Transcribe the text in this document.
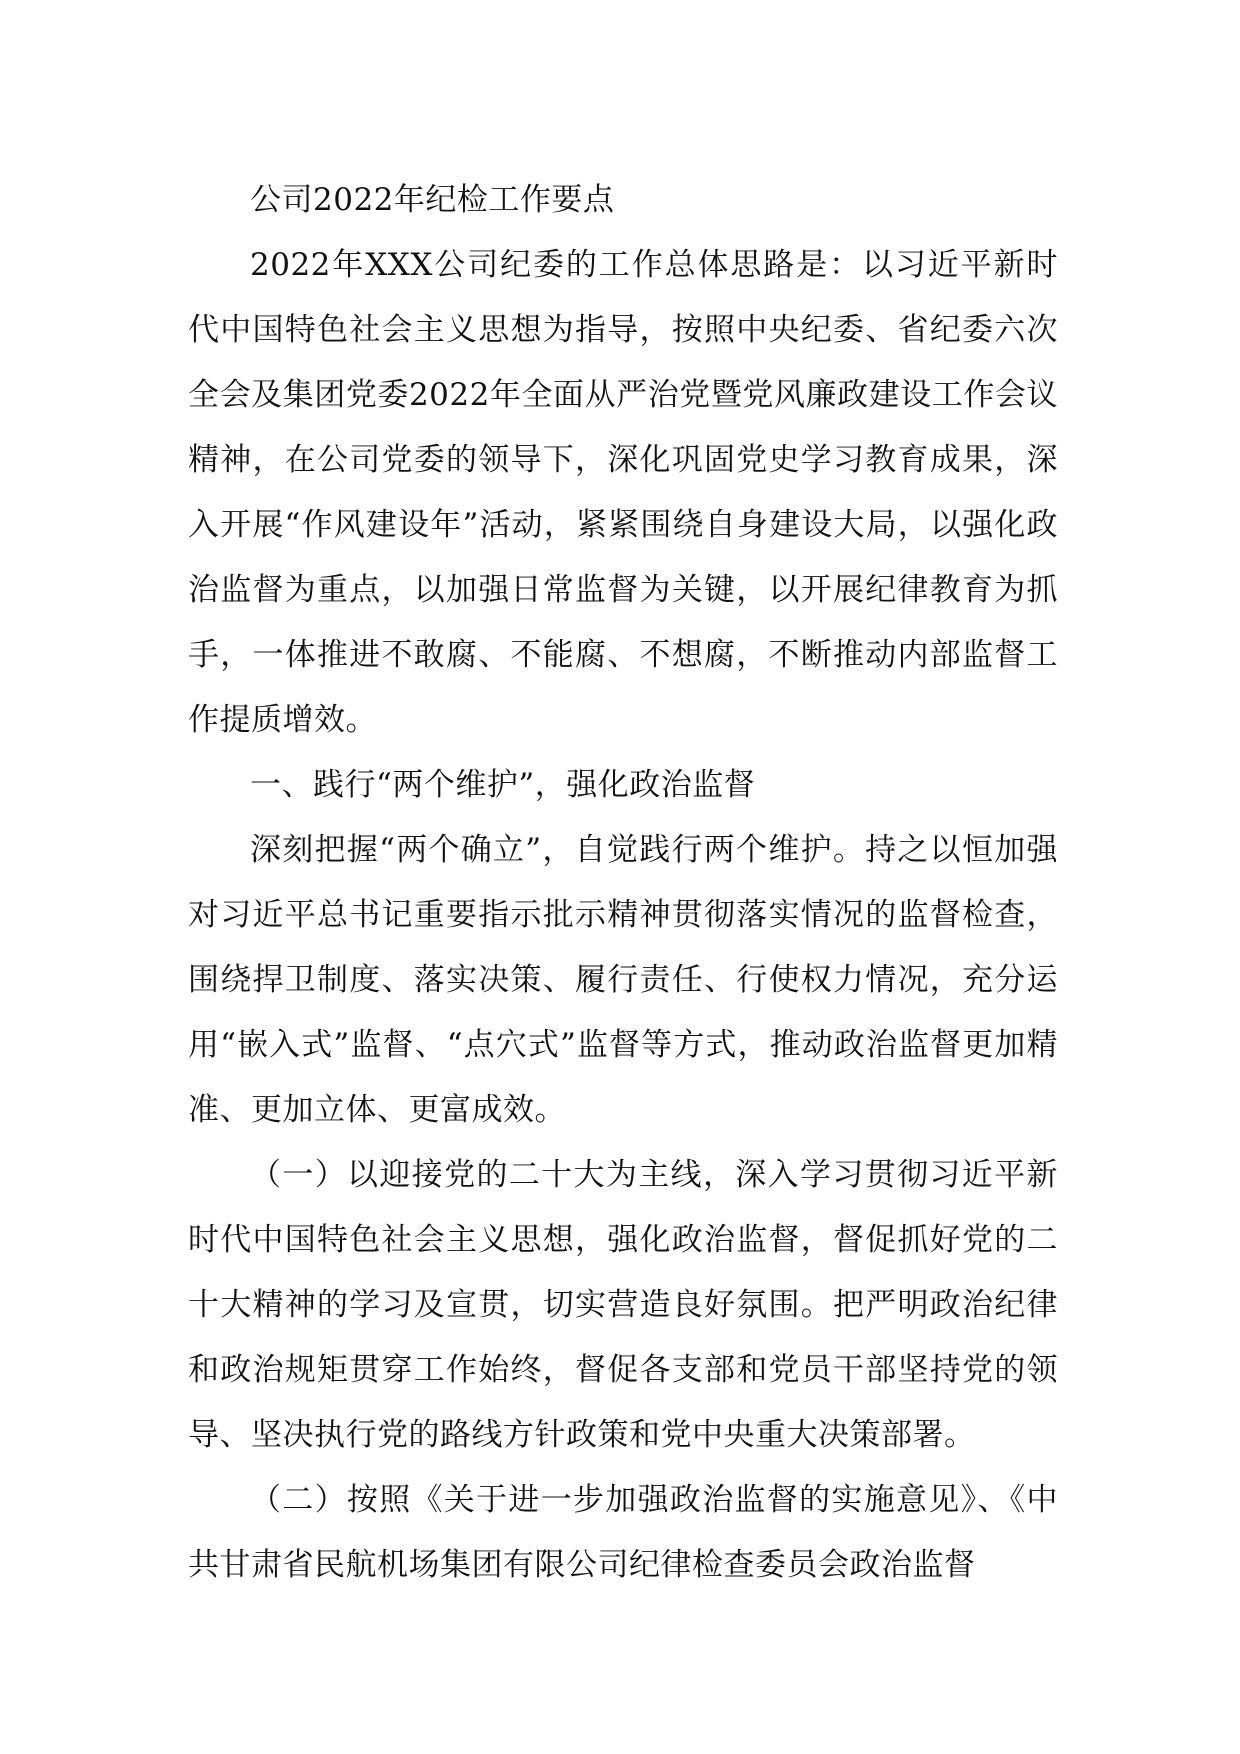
公司2022年纪检工作要点

2022年XXX公司纪委的工作总体思路是：以习近平新时代中国特色社会主义思想为指导，按照中央纪委、省纪委六次全会及集团党委2022年全面从严治党暨党风廉政建设工作会议精神，在公司党委的领导下，深化巩固党史学习教育成果，深入开展“作风建设年”活动，紧紧围绕自身建设大局，以强化政治监督为重点，以加强日常监督为关键，以开展纪律教育为抓手，一体推进不敢腐、不能腐、不想腐，不断推动内部监督工作提质增效。

一、践行“两个维护”，强化政治监督

深刻把握“两个确立”，自觉践行两个维护。持之以恒加强对习近平总书记重要指示批示精神贯彻落实情况的监督检查，围绕捍卫制度、落实决策、履行责任、行使权力情况，充分运用“嵌入式”监督、“点穴式”监督等方式，推动政治监督更加精准、更加立体、更富成效。

（一）以迎接党的二十大为主线，深入学习贯彻习近平新时代中国特色社会主义思想，强化政治监督，督促抓好党的二十大精神的学习及宣贯，切实营造良好氛围。把严明政治纪律和政治规矩贯穿工作始终，督促各支部和党员干部坚持党的领导、坚决执行党的路线方针政策和党中央重大决策部署。

（二）按照《关于进一步加强政治监督的实施意见》、《中共甘肃省民航机场集团有限公司纪律检查委员会政治监督
